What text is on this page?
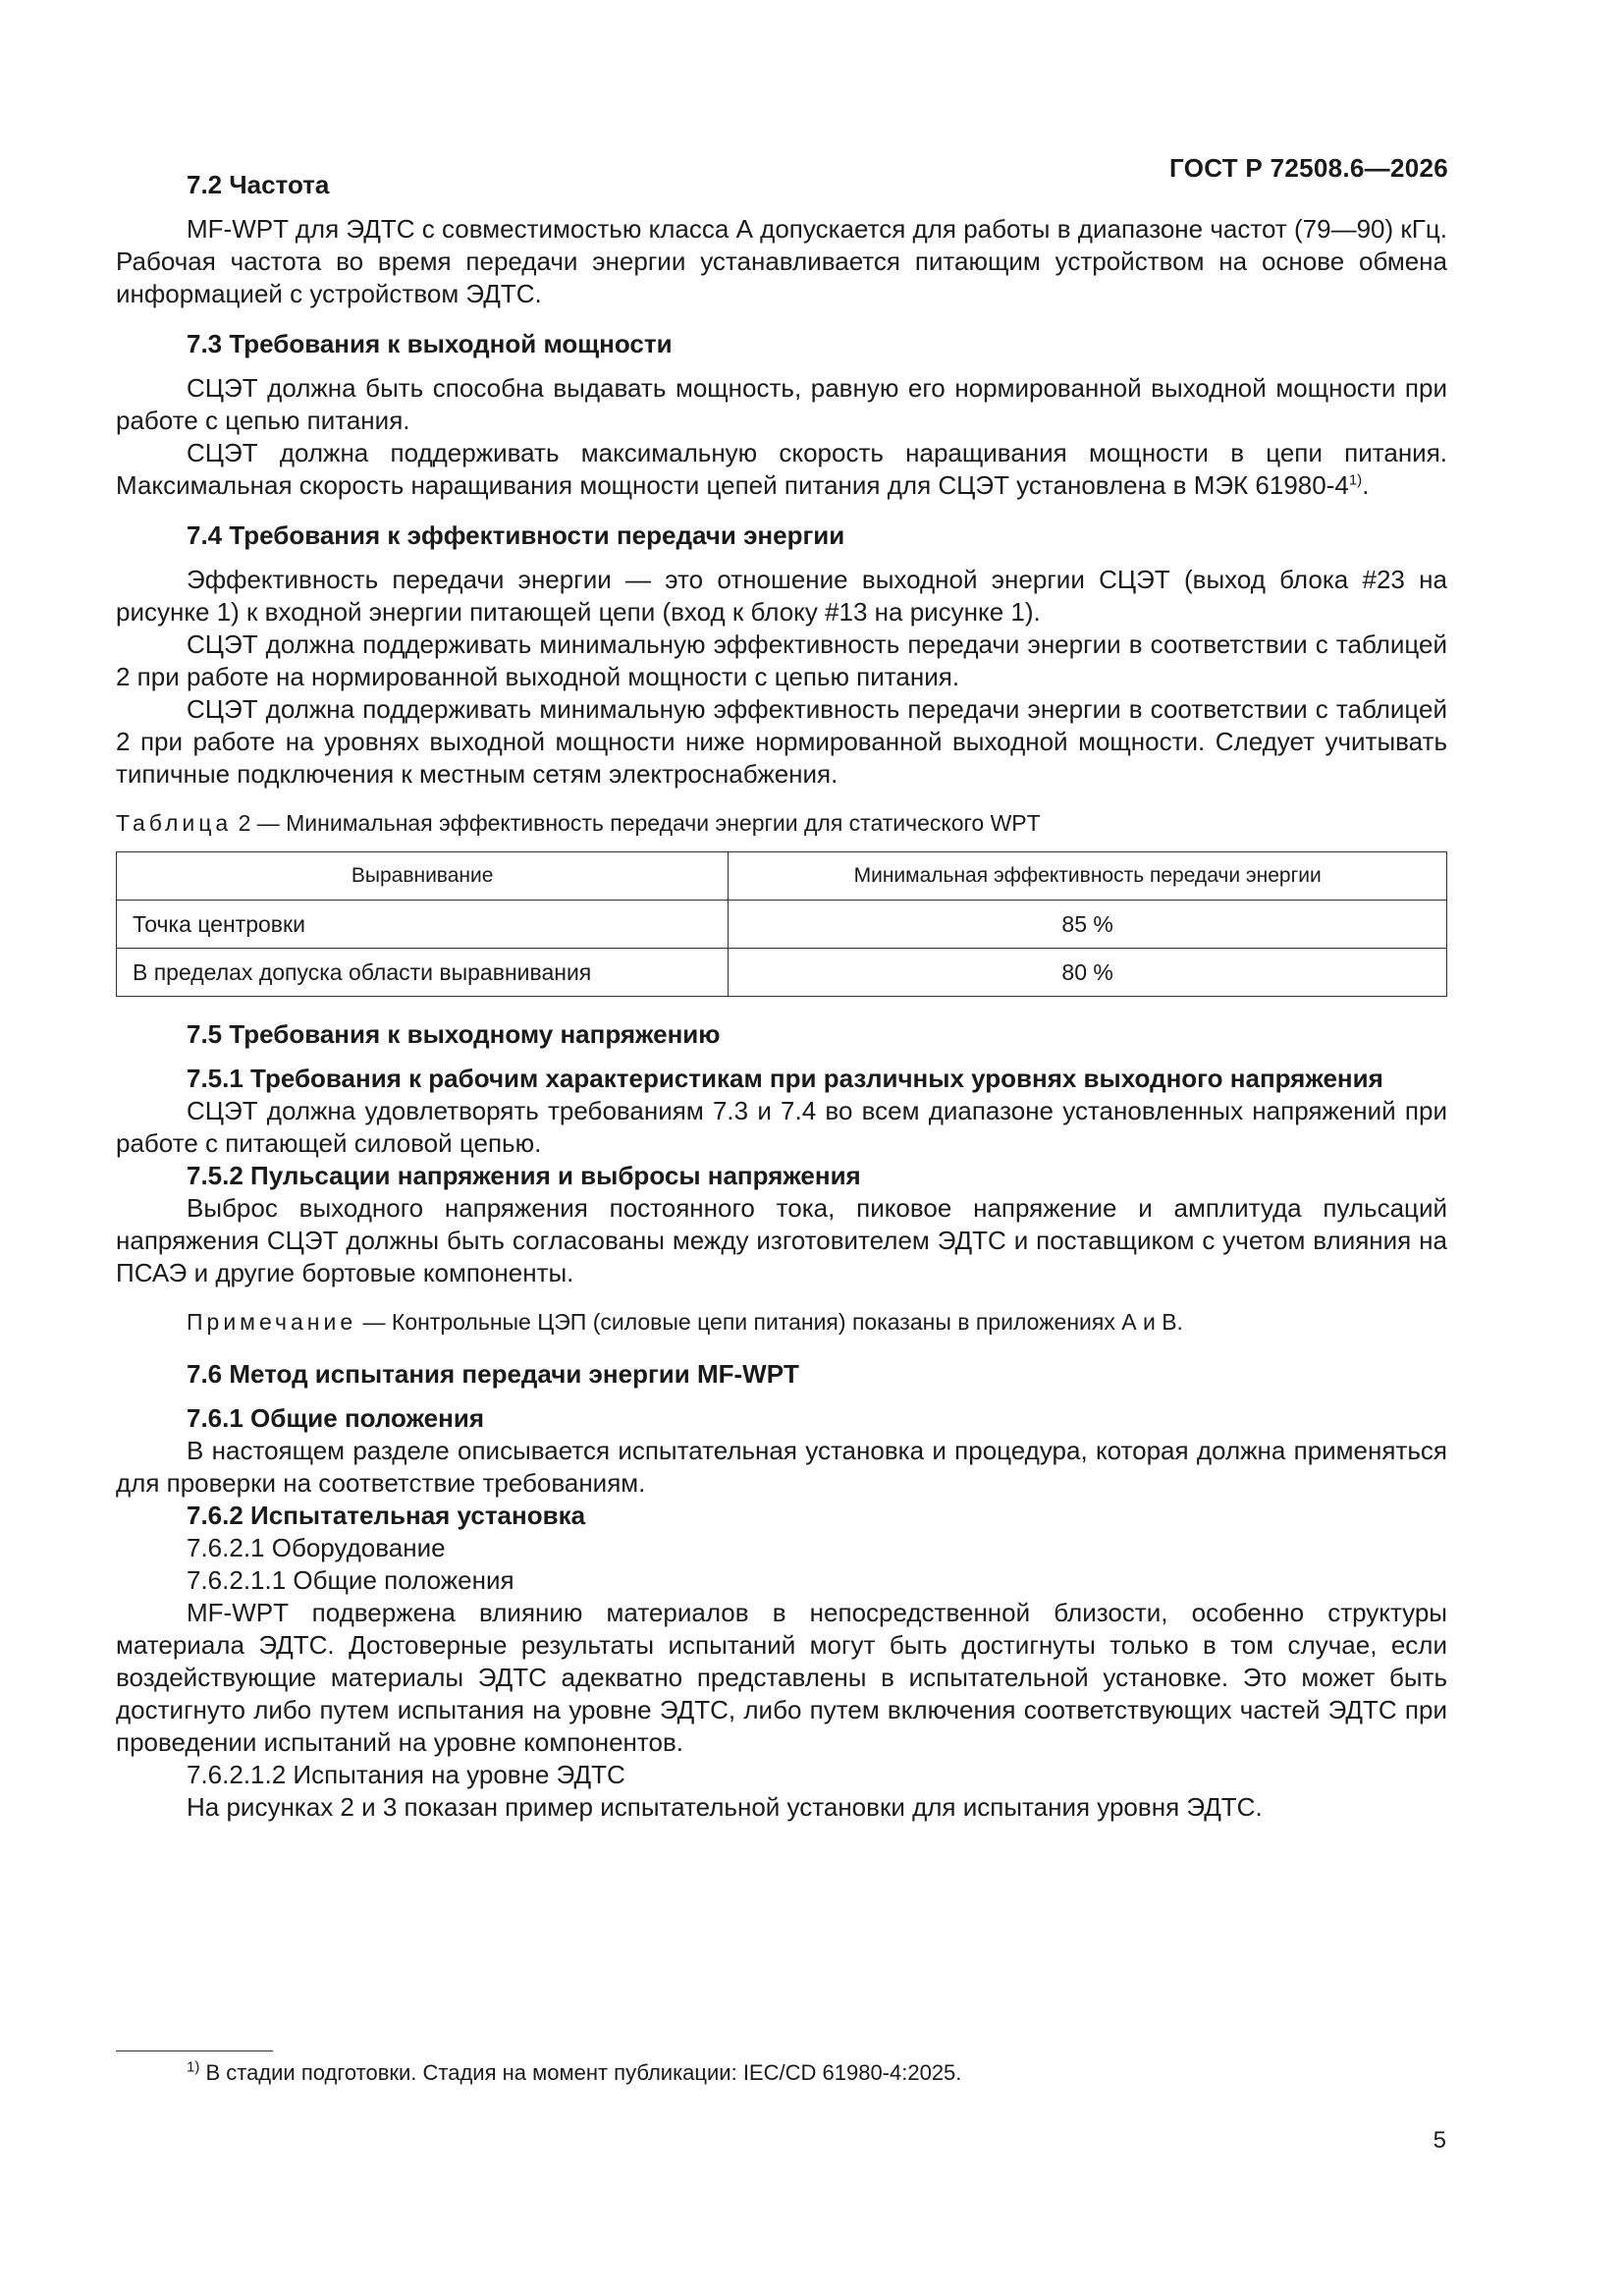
ГОСТ Р 72508.6—2026
7.2 Частота

MF-WPT для ЭДТС с совместимостью класса А допускается для работы в диапазоне частот (79—90) кГц. Рабочая частота во время передачи энергии устанавливается питающим устройством на основе обмена информацией с устройством ЭДТС.

7.3 Требования к выходной мощности

СЦЭТ должна быть способна выдавать мощность, равную его нормированной выходной мощности при работе с цепью питания.

СЦЭТ должна поддерживать максимальную скорость наращивания мощности в цепи питания. Максимальная скорость наращивания мощности цепей питания для СЦЭТ установлена в МЭК 61980-4$^{1)}$.

7.4 Требования к эффективности передачи энергии

Эффективность передачи энергии — это отношение выходной энергии СЦЭТ (выход блока #23 на рисунке 1) к входной энергии питающей цепи (вход к блоку #13 на рисунке 1).

СЦЭТ должна поддерживать минимальную эффективность передачи энергии в соответствии с таблицей 2 при работе на нормированной выходной мощности с цепью питания.

СЦЭТ должна поддерживать минимальную эффективность передачи энергии в соответствии с таблицей 2 при работе на уровнях выходной мощности ниже нормированной выходной мощности. Следует учитывать типичные подключения к местным сетям электроснабжения.

Таблица 2 — Минимальная эффективность передачи энергии для статического WPT

Выравнивание	Минимальная эффективность передачи энергии
Точка центровки	85 %
В пределах допуска области выравнивания	80 %
7.5 Требования к выходному напряжению
7.5.1 Требования к рабочим характеристикам при различных уровнях выходного напряжения

СЦЭТ должна удовлетворять требованиям 7.3 и 7.4 во всем диапазоне установленных напряжений при работе с питающей силовой цепью.

7.5.2 Пульсации напряжения и выбросы напряжения

Выброс выходного напряжения постоянного тока, пиковое напряжение и амплитуда пульсаций напряжения СЦЭТ должны быть согласованы между изготовителем ЭДТС и поставщиком с учетом влияния на ПСАЭ и другие бортовые компоненты.

Примечание — Контрольные ЦЭП (силовые цепи питания) показаны в приложениях А и В.

7.6 Метод испытания передачи энергии MF-WPT
7.6.1 Общие положения

В настоящем разделе описывается испытательная установка и процедура, которая должна применяться для проверки на соответствие требованиям.

7.6.2 Испытательная установка
7.6.2.1 Оборудование
7.6.2.1.1 Общие положения

MF-WPT подвержена влиянию материалов в непосредственной близости, особенно структуры материала ЭДТС. Достоверные результаты испытаний могут быть достигнуты только в том случае, если воздействующие материалы ЭДТС адекватно представлены в испытательной установке. Это может быть достигнуто либо путем испытания на уровне ЭДТС, либо путем включения соответствующих частей ЭДТС при проведении испытаний на уровне компонентов.

7.6.2.1.2 Испытания на уровне ЭДТС

На рисунках 2 и 3 показан пример испытательной установки для испытания уровня ЭДТС.

$^{1)}$ В стадии подготовки. Стадия на момент публикации: IEC/CD 61980-4:2025.
5
